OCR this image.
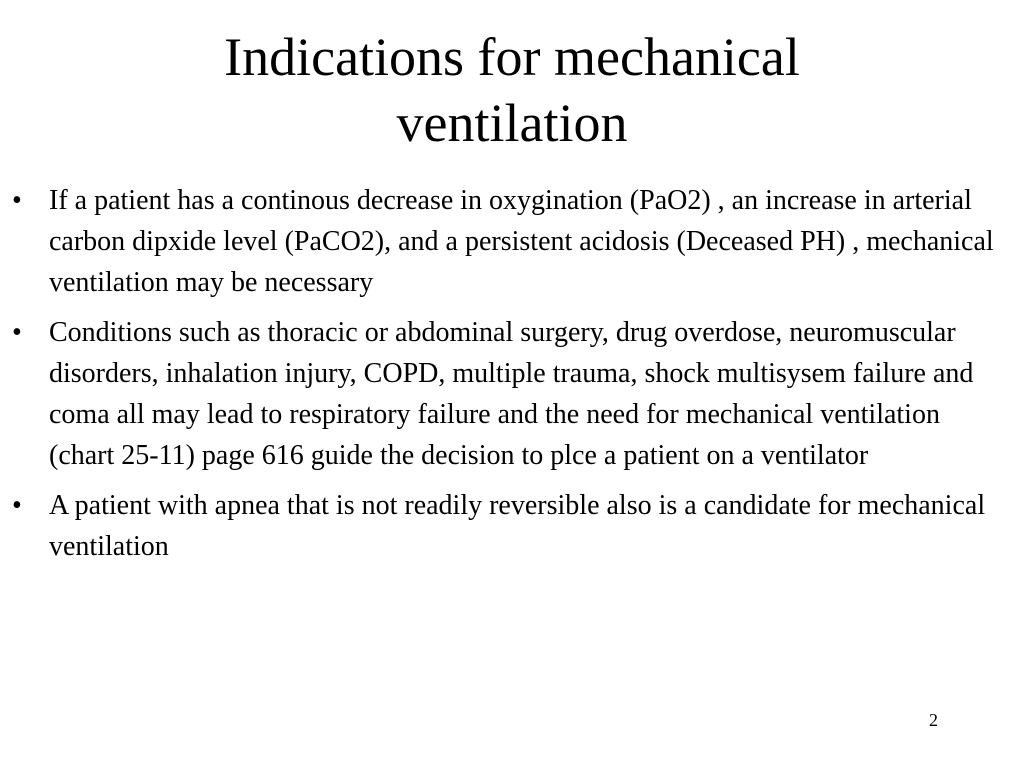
Indications for mechanical
ventilation
• If a patient has a continous decrease in oxygination (PaO2) , an increase in arterial carbon dipxide level (PaCO2), and a persistent acidosis (Deceased PH) , mechanical ventilation may be necessary
• Conditions such as thoracic or abdominal surgery, drug overdose, neuromuscular disorders, inhalation injury, COPD, multiple trauma, shock multisysem failure and coma all may lead to respiratory failure and the need for mechanical ventilation (chart 25-11) page 616 guide the decision to plce a patient on a ventilator
• A patient with apnea that is not readily reversible also is a candidate for mechanical ventilation
2
